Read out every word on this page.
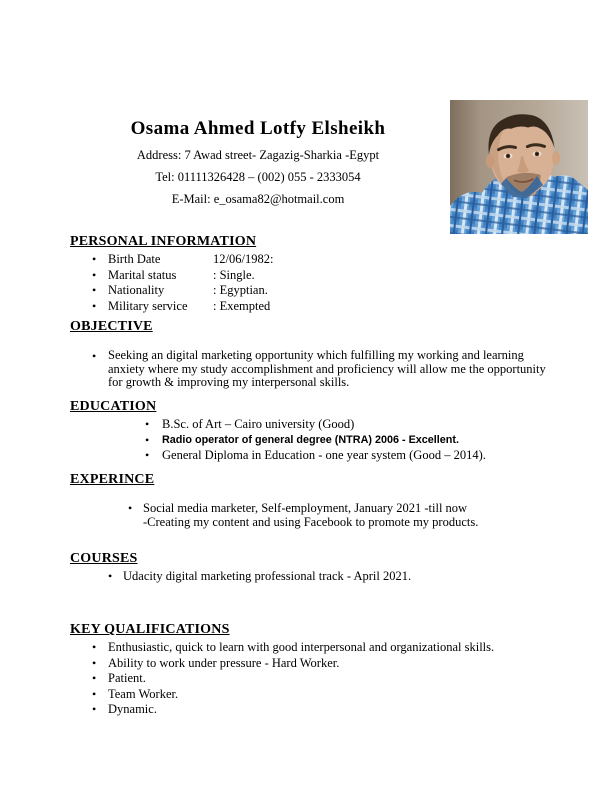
Osama Ahmed Lotfy Elsheikh
Address: 7 Awad street- Zagazig-Sharkia -Egypt
Tel: 01111326428 – (002) 055 - 2333054
E-Mail: e_osama82@hotmail.com
PERSONAL INFORMATION
• Birth Date	12/06/1982:
• Marital status	: Single.
• Nationality	: Egyptian.
• Military service : Exempted
OBJECTIVE
• Seeking an digital marketing opportunity which fulfilling my working and learning
anxiety where my study accomplishment and proficiency will allow me the opportunity
for growth & improving my interpersonal skills.
EDUCATION
•	B.Sc. of Art – Cairo university (Good)
•	Radio operator of general degree (NTRA) 2006 - Excellent.
•	General Diploma in Education - one year system (Good – 2014).
EXPERINCE
• Social media marketer, Self-employment, January 2021 -till now
-Creating my content and using Facebook to promote my products.
COURSES
• Udacity digital marketing professional track - April 2021.
KEY QUALIFICATIONS
• Enthusiastic, quick to learn with good interpersonal and organizational skills.
• Ability to work under pressure - Hard Worker.
• Patient.
• Team Worker.
• Dynamic.
